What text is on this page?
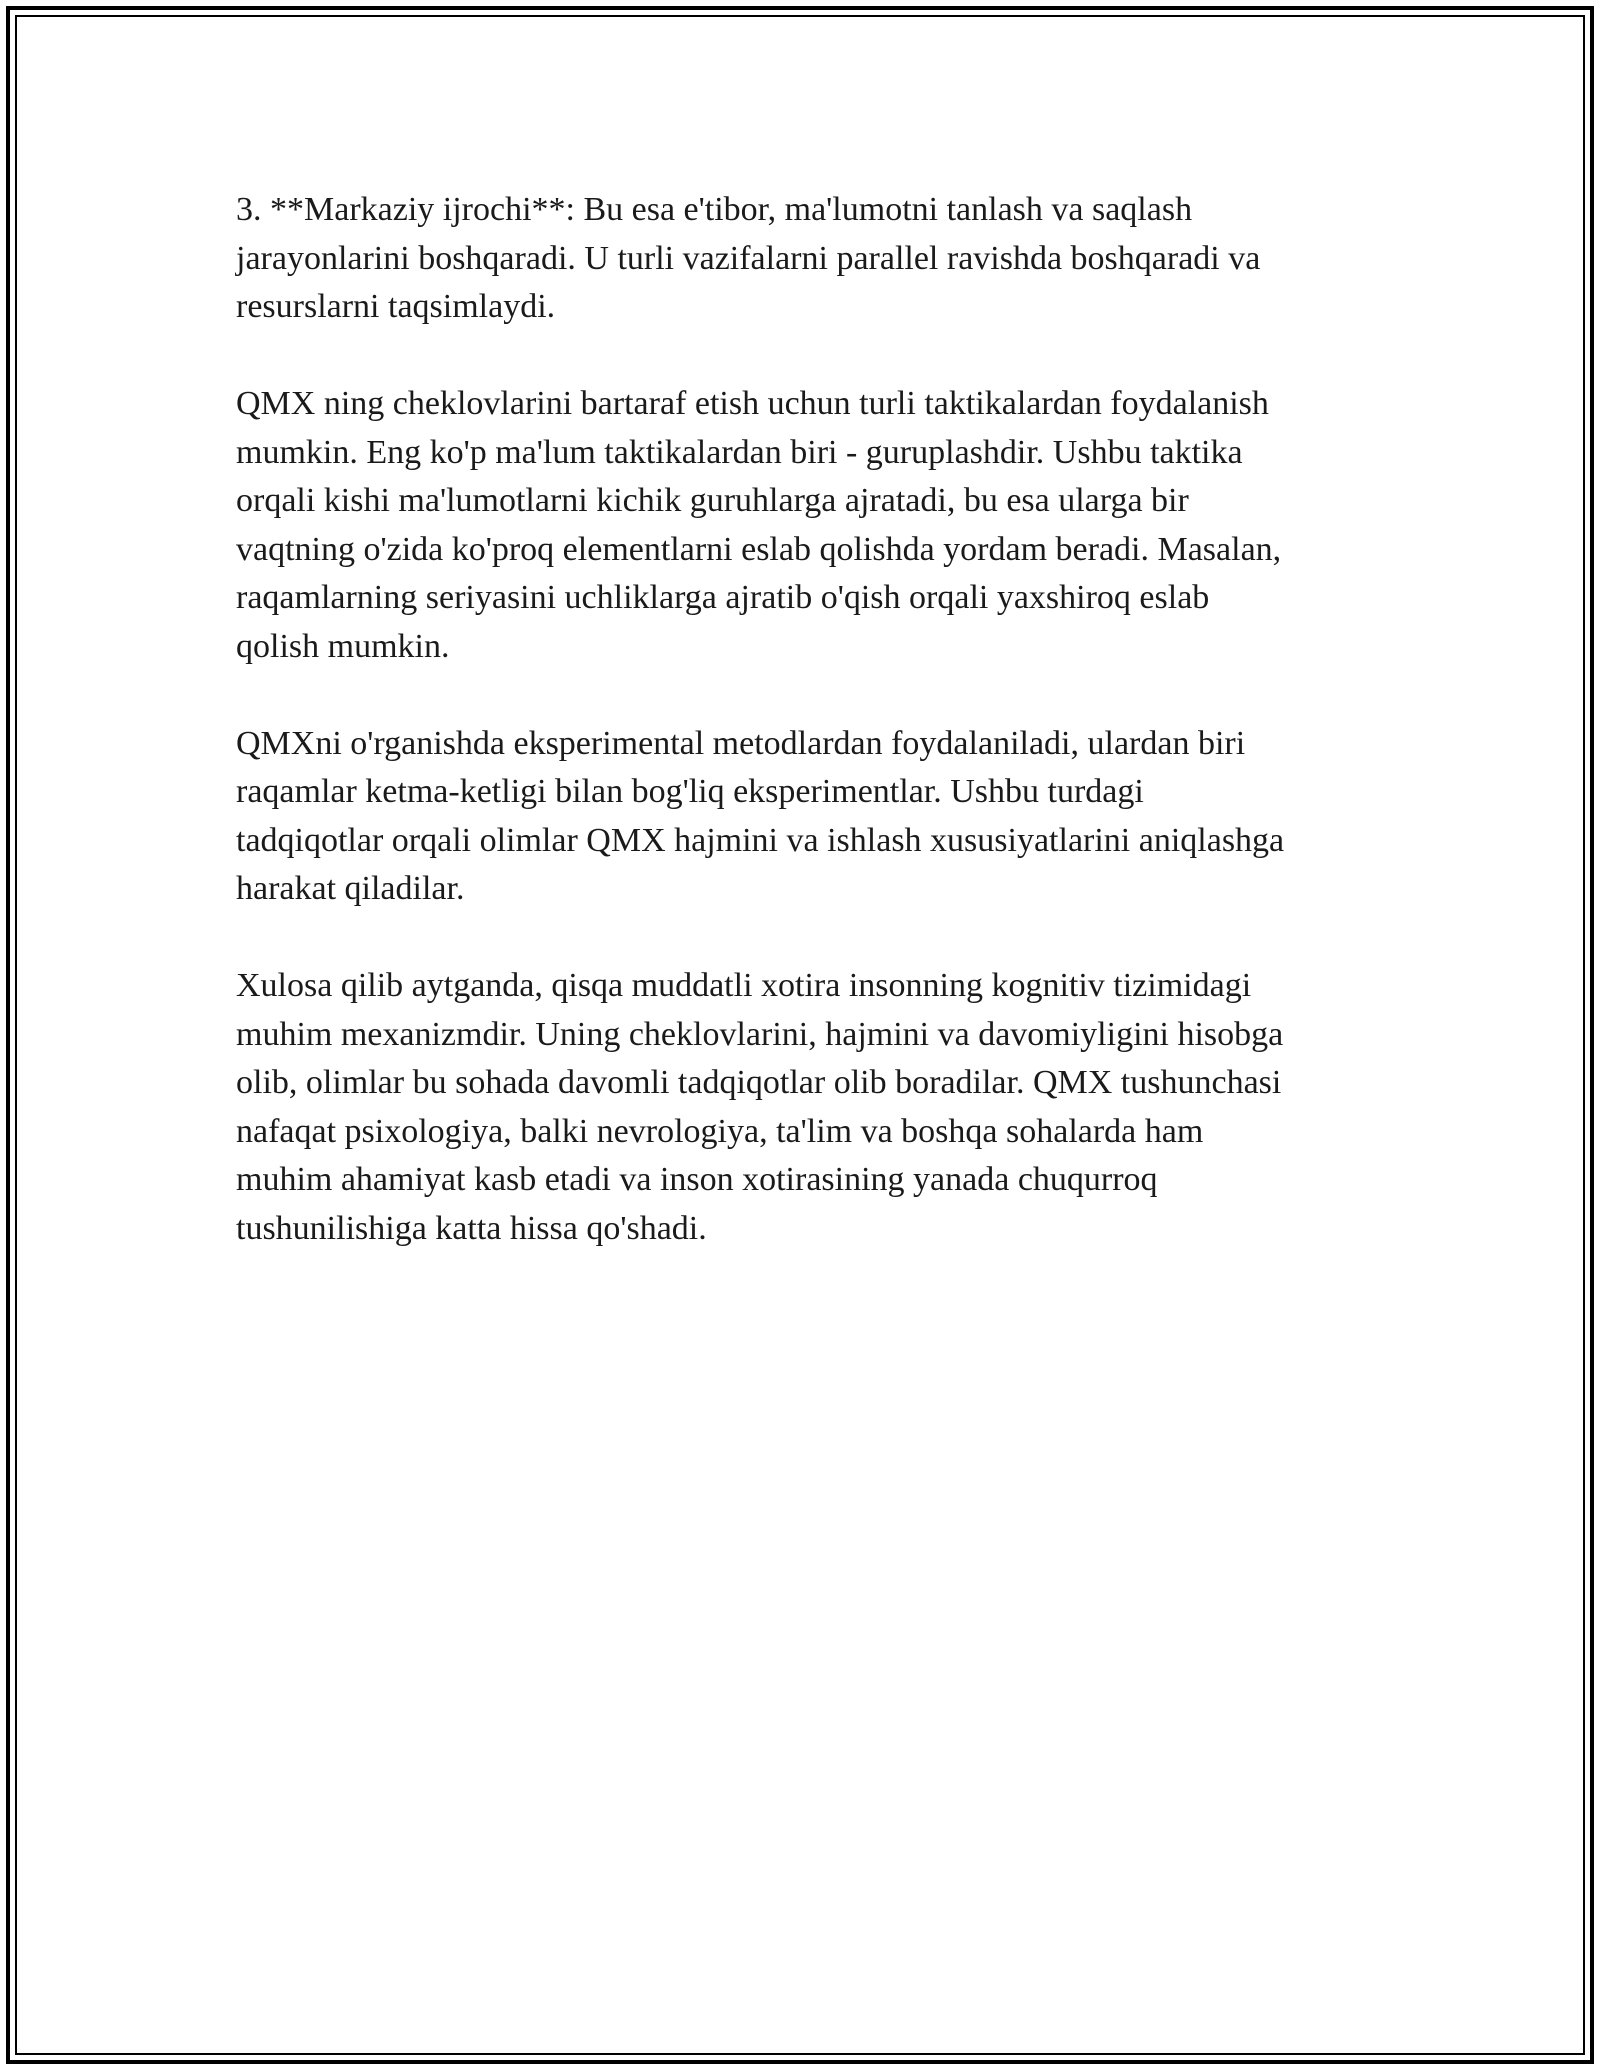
3. **Markaziy ijrochi**: Bu esa e'tibor, ma'lumotni tanlash va saqlash
jarayonlarini boshqaradi. U turli vazifalarni parallel ravishda boshqaradi va
resurslarni taqsimlaydi.

QMX ning cheklovlarini bartaraf etish uchun turli taktikalardan foydalanish
mumkin. Eng ko'p ma'lum taktikalardan biri - guruplashdir. Ushbu taktika
orqali kishi ma'lumotlarni kichik guruhlarga ajratadi, bu esa ularga bir
vaqtning o'zida ko'proq elementlarni eslab qolishda yordam beradi. Masalan,
raqamlarning seriyasini uchliklarga ajratib o'qish orqali yaxshiroq eslab
qolish mumkin.

QMXni o'rganishda eksperimental metodlardan foydalaniladi, ulardan biri
raqamlar ketma-ketligi bilan bog'liq eksperimentlar. Ushbu turdagi
tadqiqotlar orqali olimlar QMX hajmini va ishlash xususiyatlarini aniqlashga
harakat qiladilar.

Xulosa qilib aytganda, qisqa muddatli xotira insonning kognitiv tizimidagi
muhim mexanizmdir. Uning cheklovlarini, hajmini va davomiyligini hisobga
olib, olimlar bu sohada davomli tadqiqotlar olib boradilar. QMX tushunchasi
nafaqat psixologiya, balki nevrologiya, ta'lim va boshqa sohalarda ham
muhim ahamiyat kasb etadi va inson xotirasining yanada chuqurroq
tushunilishiga katta hissa qo'shadi.
